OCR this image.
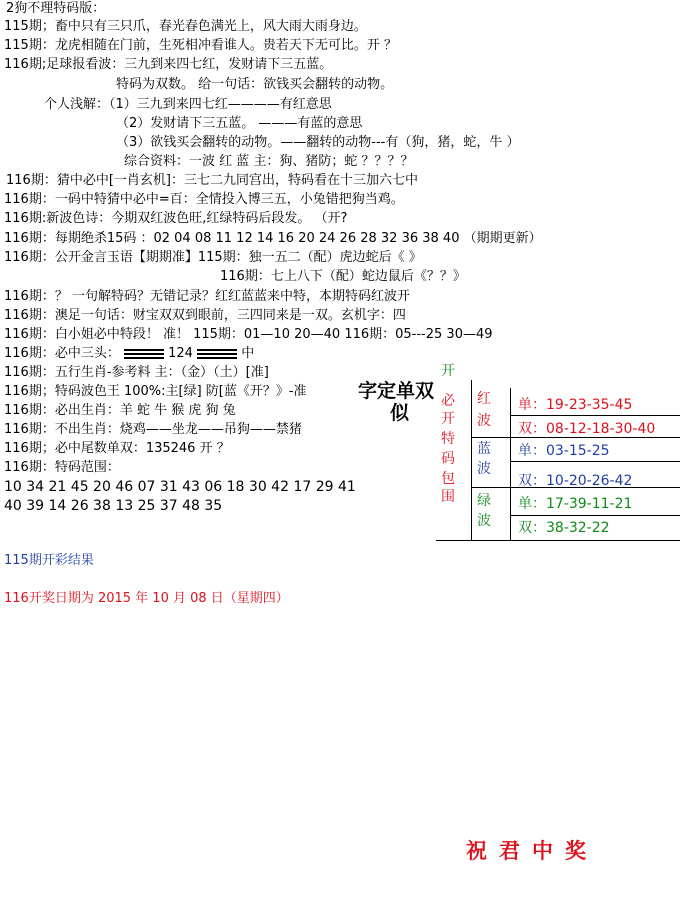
2狗不理特码版：
115期；畜中只有三只爪，春光春色满光上，风大雨大雨身边。
115期：龙虎相随在门前，生死相冲看谁人。贵若天下无可比。开 ？
116期;足球报看波：三九到来四七红，发财请下三五蓝。
特码为双数。 给一句话：欲钱买会翻转的动物。
个人浅解：（1）三九到来四七红————有红意思
（2）发财请下三五蓝。 ———有蓝的意思
（3）欲钱买会翻转的动物。——翻转的动物---有（狗，猪，蛇，牛 ）
综合资料：一波 红 蓝 主：狗、猪防；蛇 ？？？？
116期：猜中必中[一肖玄机]：三七二九同宫出，特码看在十三加六七中
116期：一码中特猜中必中=百：全情投入博三五，小兔错把狗当鸡。
116期:新波色诗：今期双红波色旺,红绿特码后段发。 （开?
116期：每期绝杀15码 ：02 04 08 11 12 14 16 20 24 26 28 32 36 38 40 （期期更新）
116期：公开金言玉语【期期准】115期：独一五二（配）虎边蛇后《 》
116期：七上八下（配）蛇边鼠后《？？》
116期：？ 一句解特码？无错记录？红红蓝蓝来中特，本期特码红波开
116期：澳足一句话：财宝双双到眼前，三四同来是一双。玄机字：四
116期：白小姐必中特段！ 准！ 115期：01—10 20—40 116期：05---25 30—49
116期：必中三头：	124	中
116期：五行生肖-参考料 主：（金）（土）[准]
116期；特码波色王 100%:主[绿] 防[蓝《开？》-准
116期：必出生肖：羊 蛇 牛 猴 虎 狗 兔
116期：不出生肖：烧鸡——坐龙——吊狗——禁猪
116期；必中尾数单双：135246 开 ？
116期：特码范围：
10 34 21 45 20 46 07 31 43 06 18 30 42 17 29 41
40 39 14 26 38 13 25 37 48 35
字定单双
似
开
必
开
特
码
包
围
红
波
蓝
波
绿
波
单：19-23-35-45
双：08-12-18-30-40
单：03-15-25
双：10-20-26-42
单：17-39-11-21
双：38-32-22
115期开彩结果
116开奖日期为 2015 年 10 月 08 日（星期四）
祝君中奖
